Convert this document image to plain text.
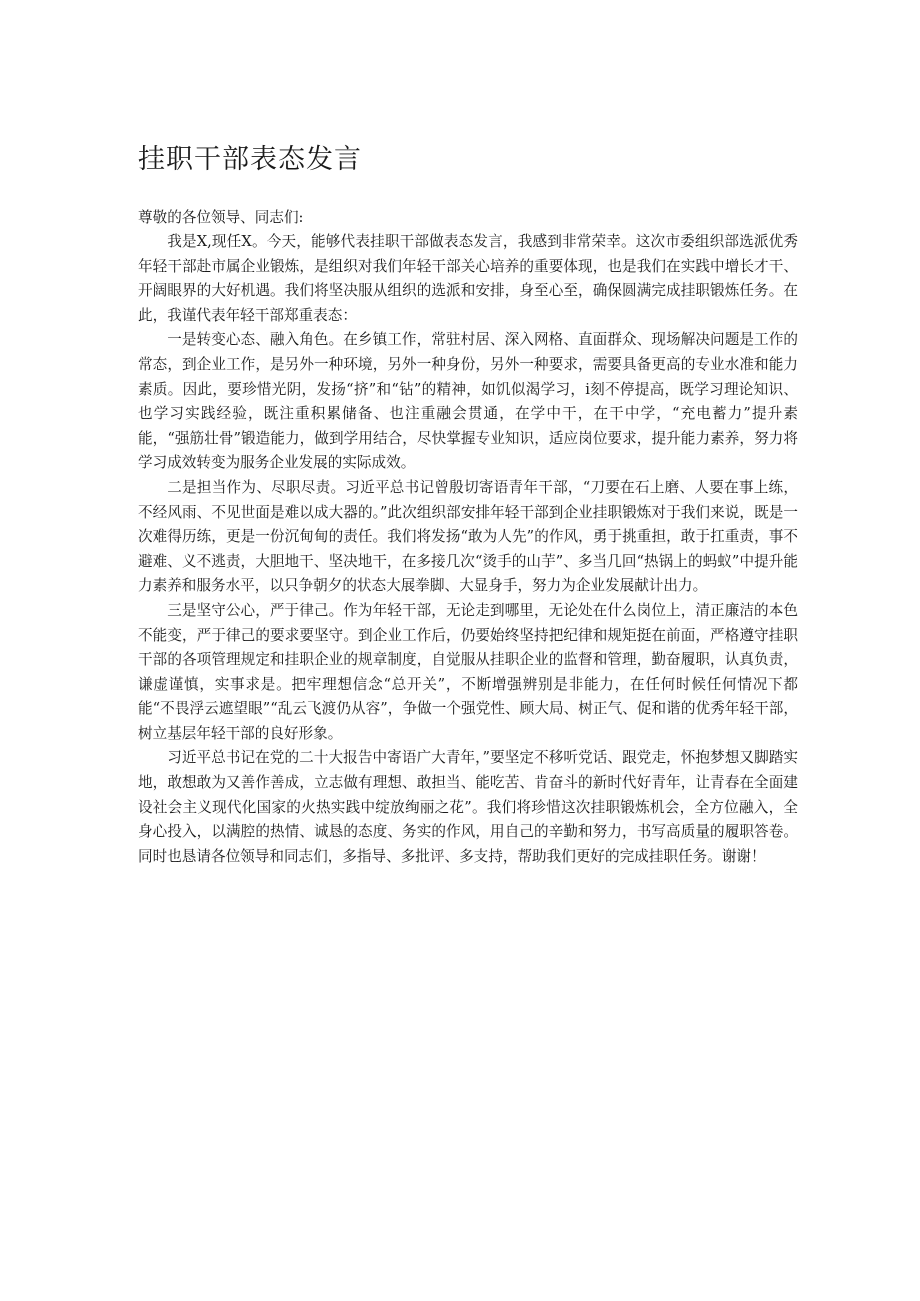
挂职干部表态发言

尊敬的各位领导、同志们:

我是X,现任X。今天，能够代表挂职干部做表态发言，我感到非常荣幸。这次市委组织部选派优秀年轻干部赴市属企业锻炼，是组织对我们年轻干部关心培养的重要体现，也是我们在实践中增长才干、开阔眼界的大好机遇。我们将坚决服从组织的选派和安排，身至心至，确保圆满完成挂职锻炼任务。在此，我谨代表年轻干部郑重表态：

一是转变心态、融入角色。在乡镇工作，常驻村居、深入网格、直面群众、现场解决问题是工作的常态，到企业工作，是另外一种环境，另外一种身份，另外一种要求，需要具备更高的专业水准和能力素质。因此，要珍惜光阴，发扬“挤”和“钻”的精神，如饥似渴学习，i刻不停提高，既学习理论知识、也学习实践经验，既注重积累储备、也注重融会贯通，在学中干，在干中学，“充电蓄力”提升素能，“强筋壮骨”锻造能力，做到学用结合，尽快掌握专业知识，适应岗位要求，提升能力素养，努力将学习成效转变为服务企业发展的实际成效。

二是担当作为、尽职尽责。习近平总书记曾殷切寄语青年干部，“刀要在石上磨、人要在事上练，不经风雨、不见世面是难以成大器的。”此次组织部安排年轻干部到企业挂职锻炼对于我们来说，既是一次难得历练，更是一份沉甸甸的责任。我们将发扬“敢为人先”的作风，勇于挑重担，敢于扛重责，事不避难、义不逃责，大胆地干、坚决地干，在多接几次“烫手的山芋”、多当几回“热锅上的蚂蚁”中提升能力素养和服务水平，以只争朝夕的状态大展拳脚、大显身手，努力为企业发展献计出力。

三是坚守公心，严于律己。作为年轻干部，无论走到哪里，无论处在什么岗位上，清正廉洁的本色不能变，严于律己的要求要坚守。到企业工作后，仍要始终坚持把纪律和规矩挺在前面，严格遵守挂职干部的各项管理规定和挂职企业的规章制度，自觉服从挂职企业的监督和管理，勤奋履职，认真负责，谦虚谨慎，实事求是。把牢理想信念“总开关”，不断增强辨别是非能力，在任何时候任何情况下都能“不畏浮云遮望眼”“乱云飞渡仍从容”，争做一个强党性、顾大局、树正气、促和谐的优秀年轻干部，树立基层年轻干部的良好形象。

习近平总书记在党的二十大报告中寄语广大青年，”要坚定不移听党话、跟党走，怀抱梦想又脚踏实地，敢想敢为又善作善成，立志做有理想、敢担当、能吃苦、肯奋斗的新时代好青年，让青春在全面建设社会主义现代化国家的火热实践中绽放绚丽之花”。我们将珍惜这次挂职锻炼机会，全方位融入，全身心投入，以满腔的热情、诚恳的态度、务实的作风，用自己的辛勤和努力，书写高质量的履职答卷。同时也恳请各位领导和同志们，多指导、多批评、多支持，帮助我们更好的完成挂职任务。谢谢！
